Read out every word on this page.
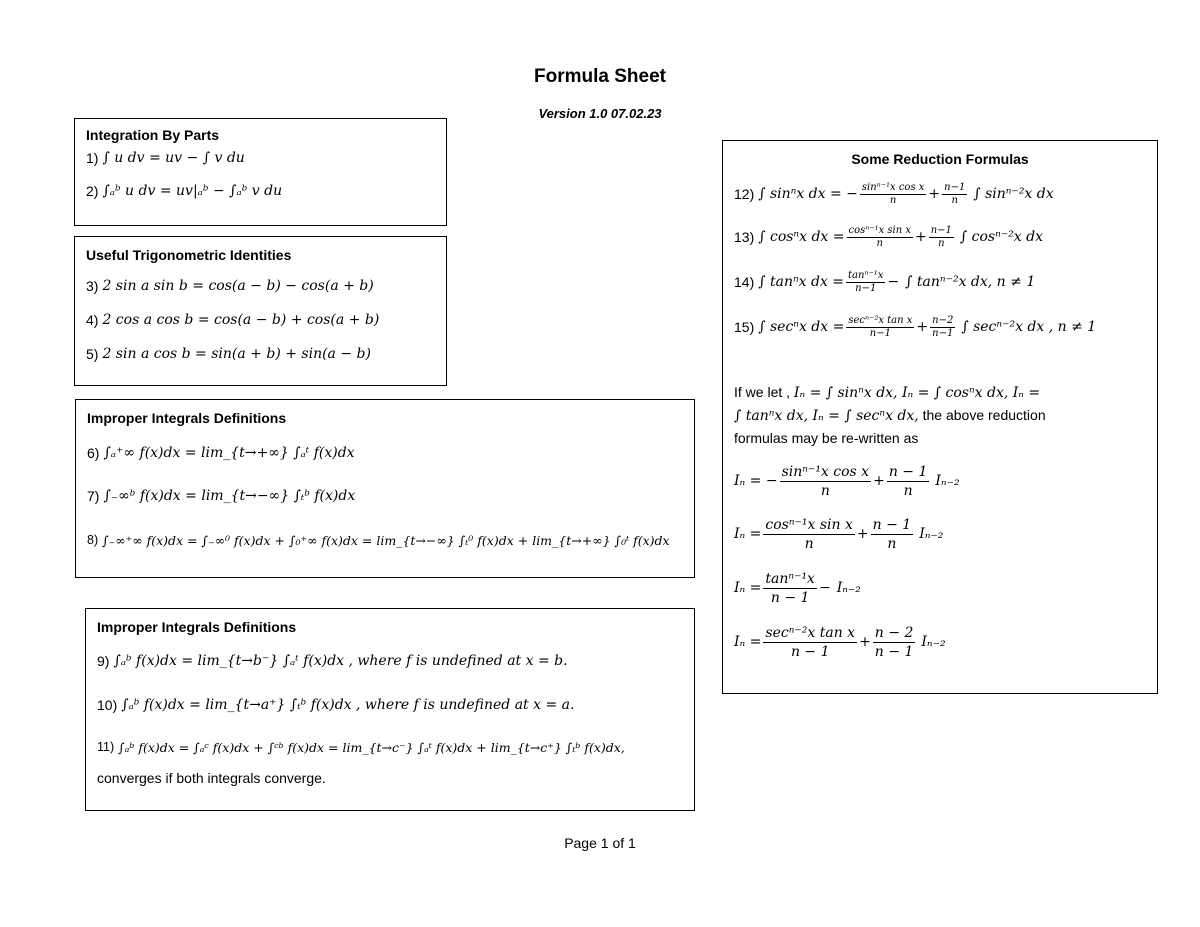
Formula Sheet
Version 1.0 07.02.23
Integration By Parts
1) ∫ u dv = uv − ∫ v du
2) ∫ₐᵇ u dv = uv|ₐᵇ − ∫ₐᵇ v du
Useful Trigonometric Identities
3) 2 sin a sin b = cos(a − b) − cos(a + b)
4) 2 cos a cos b = cos(a − b) + cos(a + b)
5) 2 sin a cos b = sin(a + b) + sin(a − b)
Improper Integrals Definitions
6) ∫ₐ⁺∞ f(x)dx = lim_{t→+∞} ∫ₐᵗ f(x)dx
7) ∫₋∞ᵇ f(x)dx = lim_{t→−∞} ∫ₜᵇ f(x)dx
8) ∫₋∞⁺∞ f(x)dx = ∫₋∞⁰ f(x)dx + ∫₀⁺∞ f(x)dx = lim_{t→−∞} ∫ₜ⁰ f(x)dx + lim_{t→+∞} ∫₀ᵗ f(x)dx
Improper Integrals Definitions
9) ∫ₐᵇ f(x)dx = lim_{t→b⁻} ∫ₐᵗ f(x)dx , where f is undefined at x = b.
10) ∫ₐᵇ f(x)dx = lim_{t→a⁺} ∫ₜᵇ f(x)dx , where f is undefined at x = a.
11) ∫ₐᵇ f(x)dx = ∫ₐᶜ f(x)dx + ∫ᶜᵇ f(x)dx = lim_{t→c⁻} ∫ₐᵗ f(x)dx + lim_{t→c⁺} ∫ₜᵇ f(x)dx,
converges if both integrals converge.
Some Reduction Formulas
12) ∫ sinⁿx dx = − $\frac{\text{sinⁿ⁻¹x cos x}}{n} + \frac{n-1}{n}$ ∫ sinⁿ⁻²x dx
13) ∫ cosⁿx dx = $\frac{\text{cosⁿ⁻¹x sin x}}{n} + \frac{n-1}{n}$ ∫ cosⁿ⁻²x dx
14) ∫ tanⁿx dx = $\frac{\text{tanⁿ⁻¹x}}{n-1}$ − ∫ tanⁿ⁻²x dx, n ≠ 1
15) ∫ secⁿx dx = $\frac{\text{secⁿ⁻²x tan x}}{n-1} + \frac{n-2}{n-1}$ ∫ secⁿ⁻²x dx , n ≠ 1
If we let , Iₙ = ∫ sinⁿx dx, Iₙ = ∫ cosⁿx dx, Iₙ =
∫ tanⁿx dx, Iₙ = ∫ secⁿx dx, the above reduction
formulas may be re-written as
Iₙ = − $\frac{\text{sinⁿ⁻¹x cos x}}{n} + \frac{n - 1}{n} I_{n-2}$
$I_n = \frac{\text{cosⁿ⁻¹x sin x}}{n} + \frac{n - 1}{n} I_{n-2}$
$I_n = \frac{\text{tanⁿ⁻¹x}}{n - 1} - I_{n-2}$
$I_n = \frac{\text{secⁿ⁻²x tan x}}{n - 1} + \frac{n - 2}{n - 1} I_{n-2}$
Page 1 of 1
